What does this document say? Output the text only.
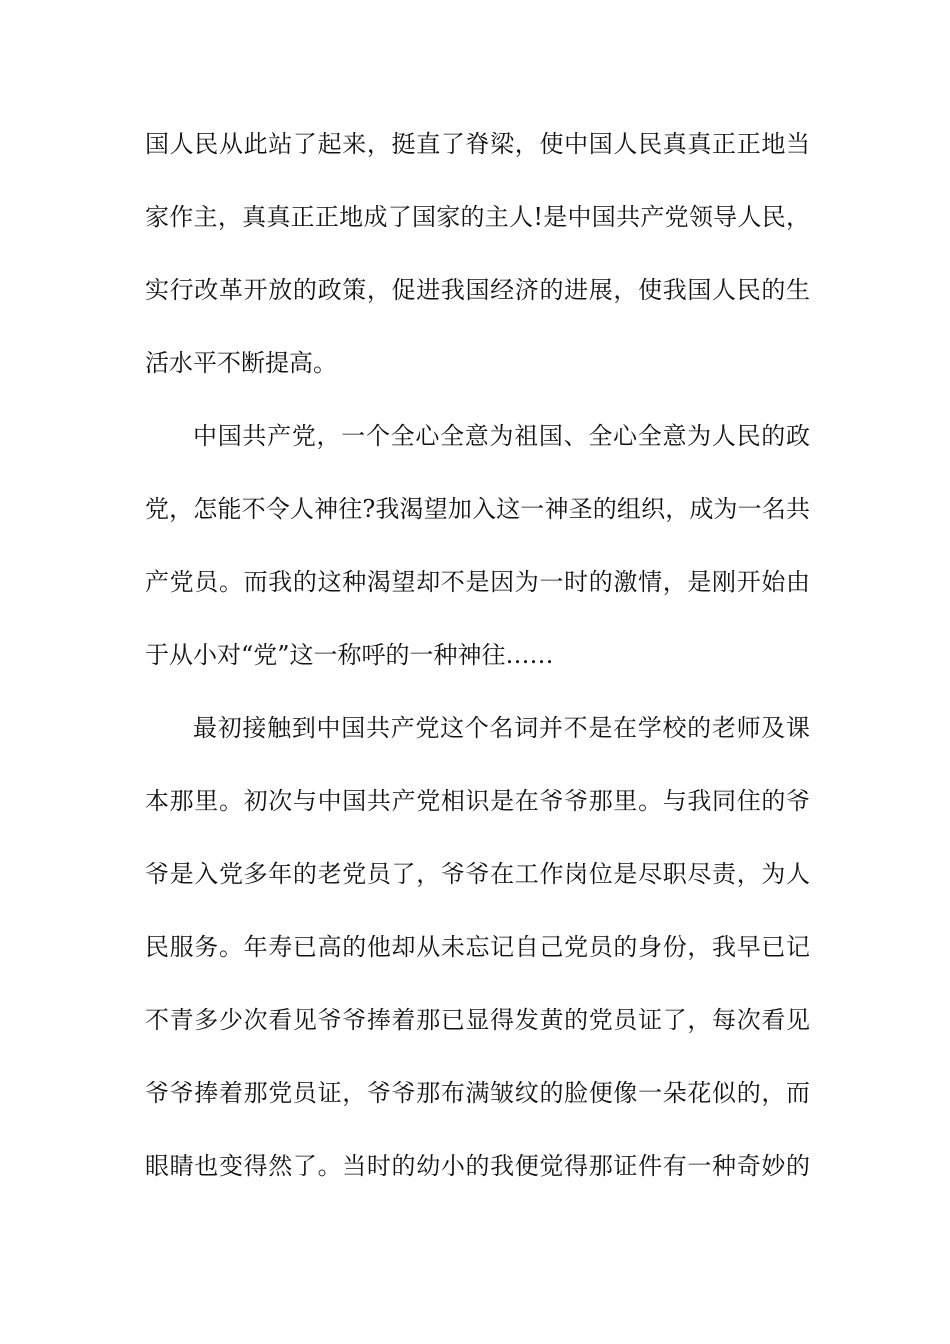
国人民从此站了起来，挺直了脊梁，使中国人民真真正正地当
家作主，真真正正地成了国家的主人!是中国共产党领导人民，
实行改革开放的政策，促进我国经济的进展，使我国人民的生
活水平不断提高。
中国共产党，一个全心全意为祖国、全心全意为人民的政
党，怎能不令人神往?我渴望加入这一神圣的组织，成为一名共
产党员。而我的这种渴望却不是因为一时的激情，是刚开始由
于从小对“党”这一称呼的一种神往……
最初接触到中国共产党这个名词并不是在学校的老师及课
本那里。初次与中国共产党相识是在爷爷那里。与我同住的爷
爷是入党多年的老党员了，爷爷在工作岗位是尽职尽责，为人
民服务。年寿已高的他却从未忘记自己党员的身份，我早已记
不青多少次看见爷爷捧着那已显得发黄的党员证了，每次看见
爷爷捧着那党员证，爷爷那布满皱纹的脸便像一朵花似的，而
眼睛也变得然了。当时的幼小的我便觉得那证件有一种奇妙的
